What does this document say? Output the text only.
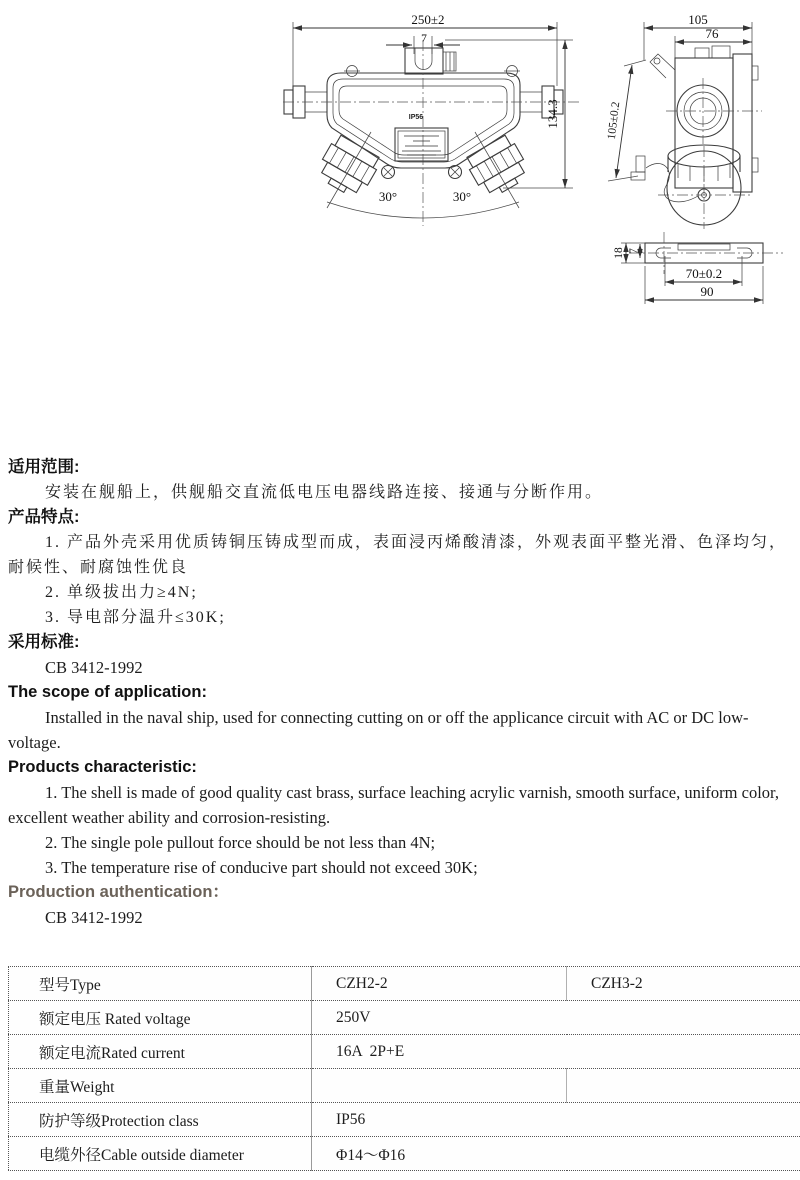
250±2
7
IP56
30°	30°
134.3
105
76
105±0.2
18 7
70±0.2
90

适用范围:

安装在舰船上，供舰船交直流低电压电器线路连接、接通与分断作用。

产品特点:

1. 产品外壳采用优质铸铜压铸成型而成，表面浸丙烯酸清漆，外观表面平整光滑、色泽均匀，耐候性、耐腐蚀性优良

2. 单级拔出力≥4N;

3. 导电部分温升≤30K;

采用标准:

CB 3412-1992

The scope of application:

Installed in the naval ship, used for connecting cutting on or off the applicance circuit with AC or DC low-voltage.

Products characteristic:

1. The shell is made of good quality cast brass, surface leaching acrylic varnish, smooth surface, uniform color, excellent weather ability and corrosion-resisting.

2. The single pole pullout force should be not less than 4N;

3. The temperature rise of conducive part should not exceed 30K;

Production authentication：

CB 3412-1992

型号Type	CZH2-2	CZH3-2
额定电压 Rated voltage	250V	
额定电流Rated current	16A  2P+E	
重量Weight		
防护等级Protection class	IP56	
电缆外径Cable outside diameter	Φ14～Φ16	
